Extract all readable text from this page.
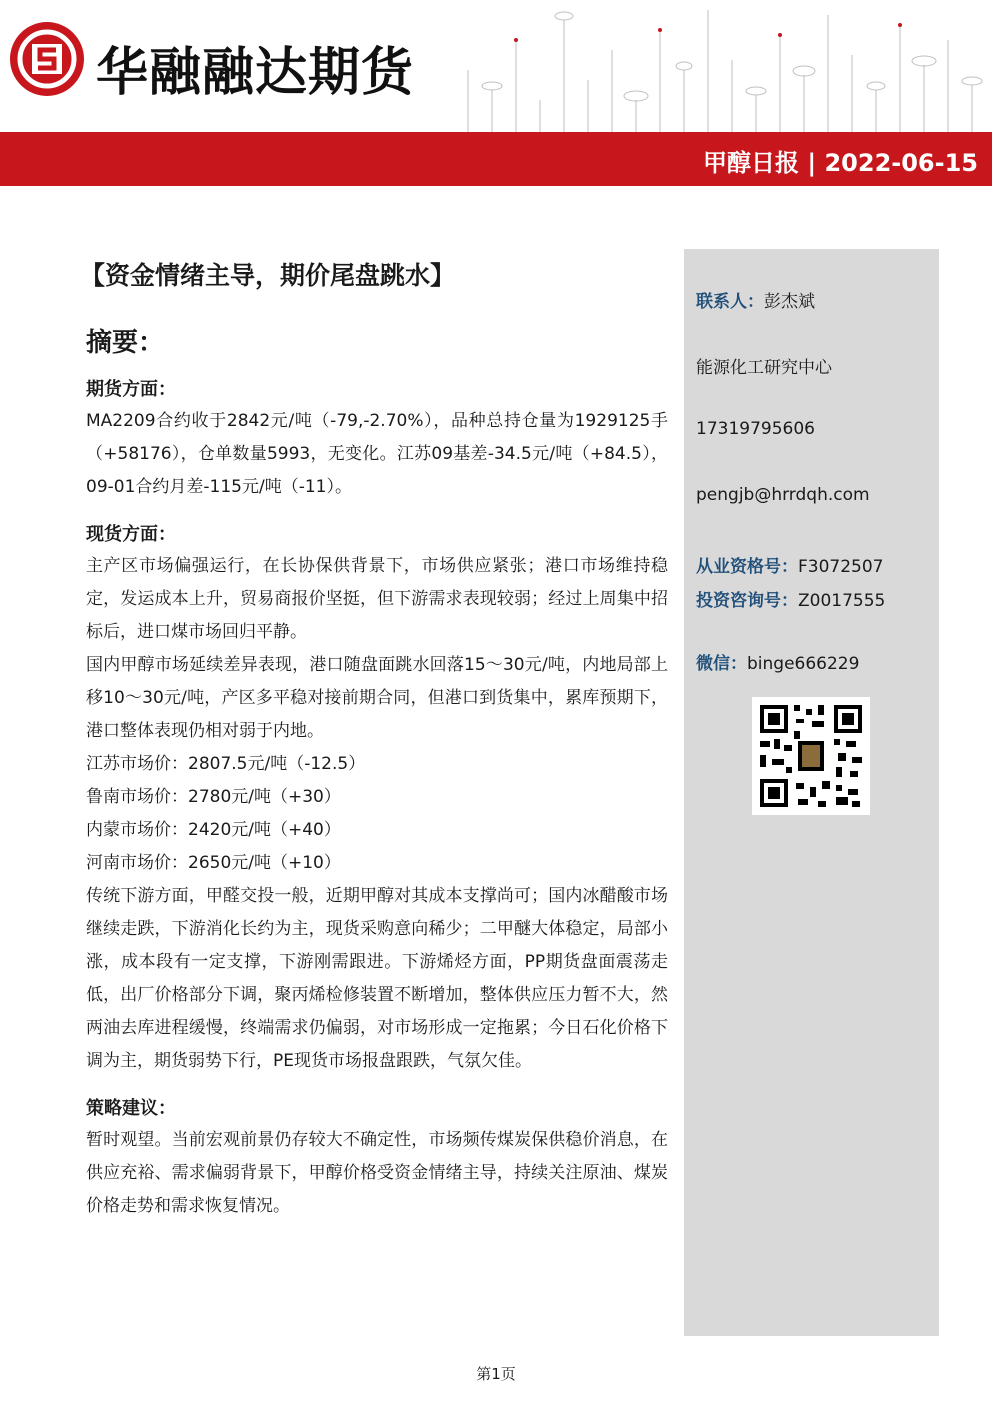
华融融达期货
甲醇日报 | 2022-06-15
【资金情绪主导，期价尾盘跳水】
摘要：
期货方面：

MA2209合约收于2842元/吨（-79,-2.70%），品种总持仓量为1929125手（+58176），仓单数量5993，无变化。江苏09基差-34.5元/吨（+84.5），09-01合约月差-115元/吨（-11）。

现货方面：

主产区市场偏强运行，在长协保供背景下，市场供应紧张；港口市场维持稳定，发运成本上升，贸易商报价坚挺，但下游需求表现较弱；经过上周集中招标后，进口煤市场回归平静。

国内甲醇市场延续差异表现，港口随盘面跳水回落15～30元/吨，内地局部上移10～30元/吨，产区多平稳对接前期合同，但港口到货集中，累库预期下，港口整体表现仍相对弱于内地。

江苏市场价：2807.5元/吨（-12.5）

鲁南市场价：2780元/吨（+30）

内蒙市场价：2420元/吨（+40）

河南市场价：2650元/吨（+10）

传统下游方面，甲醛交投一般，近期甲醇对其成本支撑尚可；国内冰醋酸市场继续走跌，下游消化长约为主，现货采购意向稀少；二甲醚大体稳定，局部小涨，成本段有一定支撑，下游刚需跟进。下游烯烃方面，PP期货盘面震荡走低，出厂价格部分下调，聚丙烯检修装置不断增加，整体供应压力暂不大，然两油去库进程缓慢，终端需求仍偏弱，对市场形成一定拖累；今日石化价格下调为主，期货弱势下行，PE现货市场报盘跟跌，气氛欠佳。

策略建议：

暂时观望。当前宏观前景仍存较大不确定性，市场频传煤炭保供稳价消息，在供应充裕、需求偏弱背景下，甲醇价格受资金情绪主导，持续关注原油、煤炭价格走势和需求恢复情况。

联系人：彭杰斌
能源化工研究中心
17319795606
pengjb@hrrdqh.com
从业资格号：F3072507
投资咨询号：Z0017555
微信：binge666229
第1页
